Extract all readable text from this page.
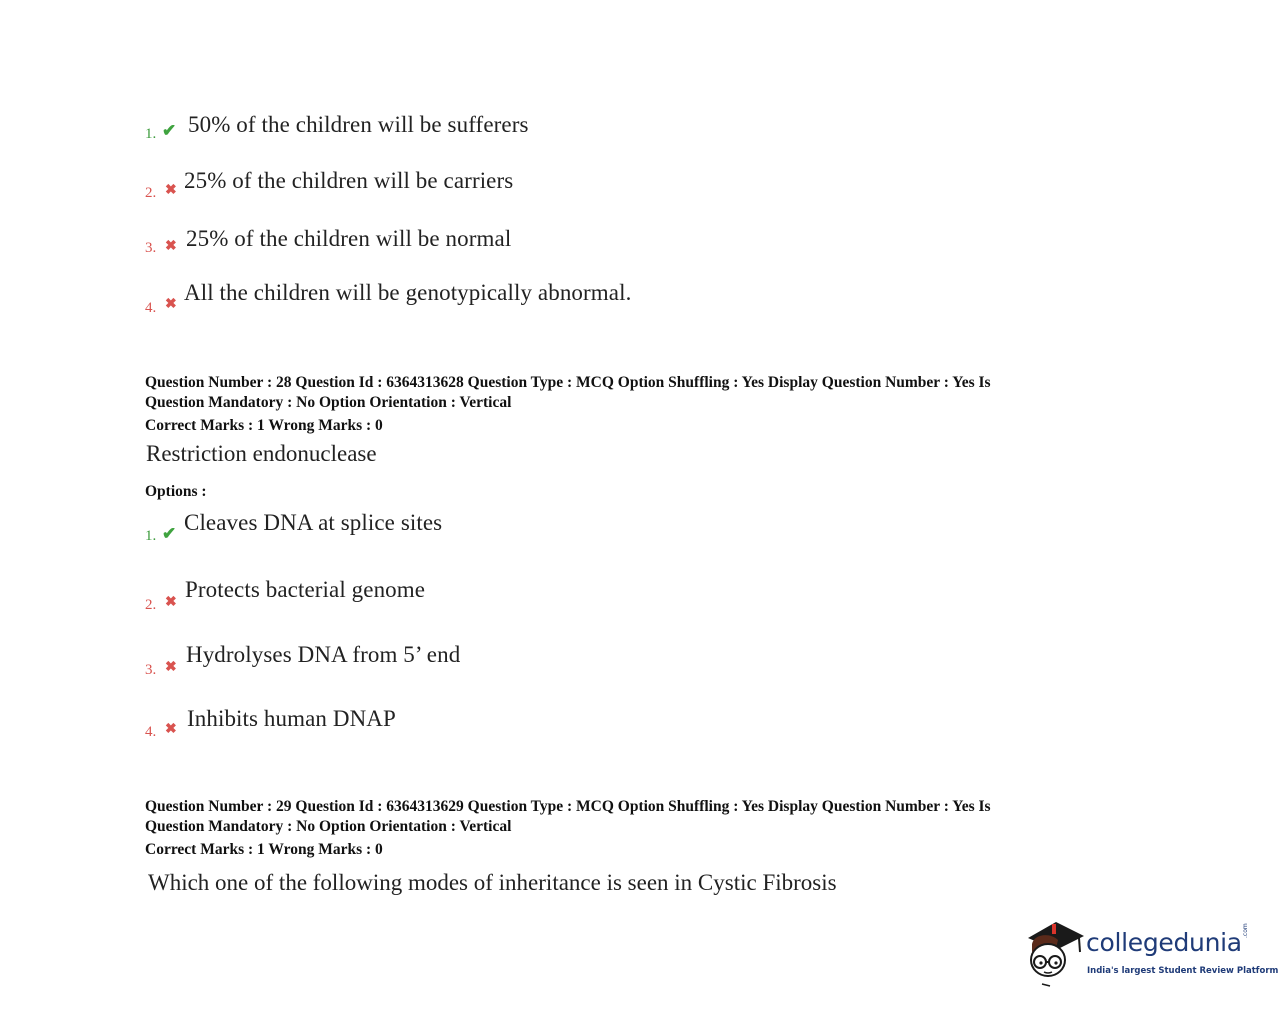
1. ✔ 50% of the children will be sufferers
2. ✖ 25% of the children will be carriers
3. ✖ 25% of the children will be normal
4. ✖ All the children will be genotypically abnormal.
Question Number : 28 Question Id : 6364313628 Question Type : MCQ Option Shuffling : Yes Display Question Number : Yes Is
Question Mandatory : No Option Orientation : Vertical
Correct Marks : 1 Wrong Marks : 0
Restriction endonuclease
Options :
1. ✔ Cleaves DNA at splice sites
2. ✖
Protects bacterial genome
3. ✖
Hydrolyses DNA from 5’ end
4. ✖ Inhibits human DNAP
Question Number : 29 Question Id : 6364313629 Question Type : MCQ Option Shuffling : Yes Display Question Number : Yes Is
Question Mandatory : No Option Orientation : Vertical
Correct Marks : 1 Wrong Marks : 0
Which one of the following modes of inheritance is seen in Cystic Fibrosis
collegedunia .com
India's largest Student Review Platform
